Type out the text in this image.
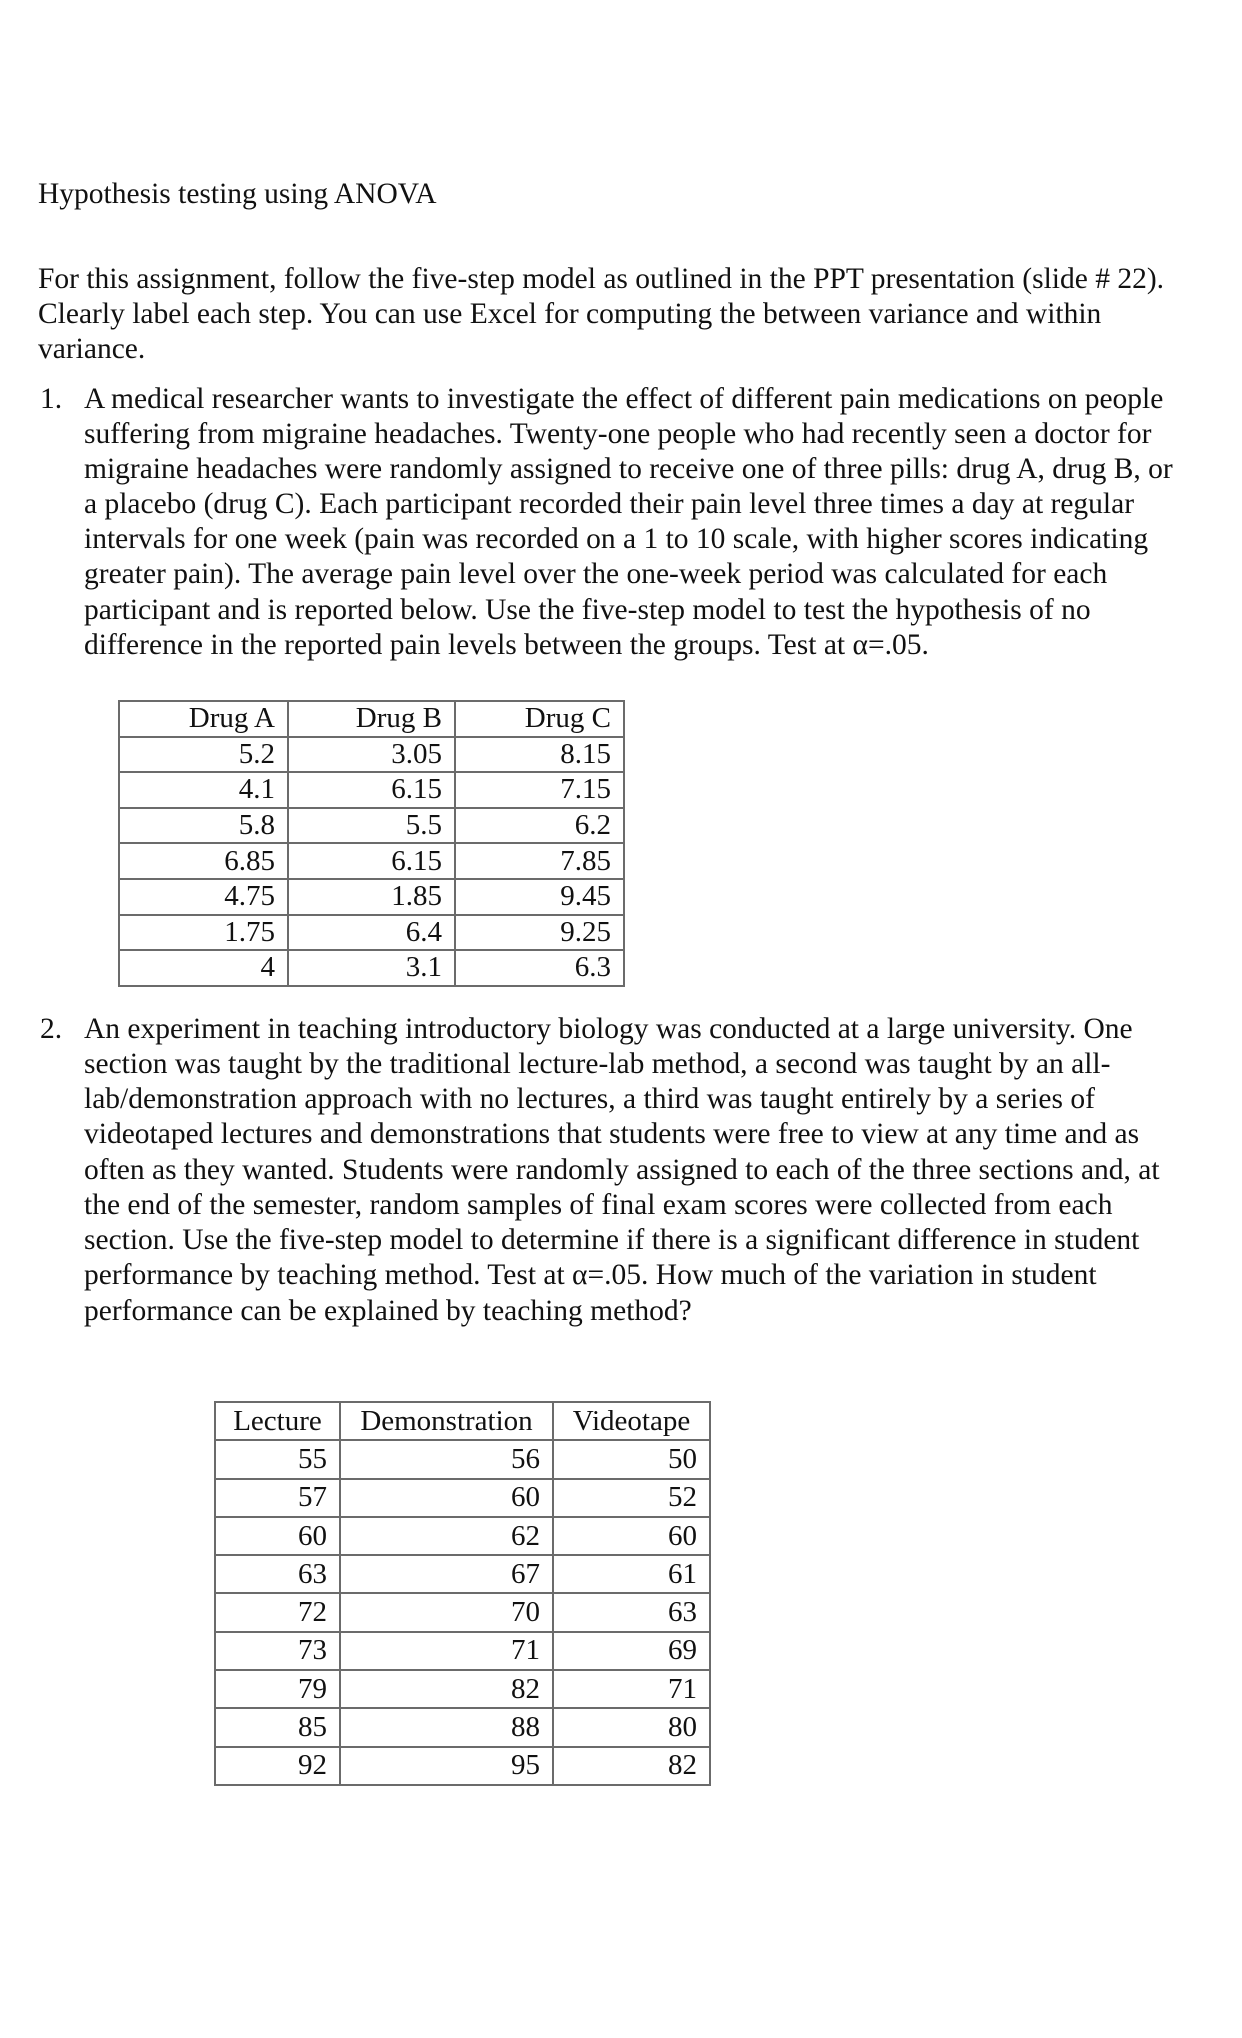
Hypothesis testing using ANOVA
For this assignment, follow the five-step model as outlined in the PPT presentation (slide # 22).
Clearly label each step. You can use Excel for computing the between variance and within
variance.
1. A medical researcher wants to investigate the effect of different pain medications on people
suffering from migraine headaches. Twenty-one people who had recently seen a doctor for
migraine headaches were randomly assigned to receive one of three pills: drug A, drug B, or
a placebo (drug C). Each participant recorded their pain level three times a day at regular
intervals for one week (pain was recorded on a 1 to 10 scale, with higher scores indicating
greater pain). The average pain level over the one-week period was calculated for each
participant and is reported below. Use the five-step model to test the hypothesis of no
difference in the reported pain levels between the groups. Test at α=.05.
Drug A	Drug B	Drug C
5.2	3.05	8.15
4.1	6.15	7.15
5.8	5.5	6.2
6.85	6.15	7.85
4.75	1.85	9.45
1.75	6.4	9.25
4	3.1	6.3
2. An experiment in teaching introductory biology was conducted at a large university. One
section was taught by the traditional lecture-lab method, a second was taught by an all-
lab/demonstration approach with no lectures, a third was taught entirely by a series of
videotaped lectures and demonstrations that students were free to view at any time and as
often as they wanted. Students were randomly assigned to each of the three sections and, at
the end of the semester, random samples of final exam scores were collected from each
section. Use the five-step model to determine if there is a significant difference in student
performance by teaching method. Test at α=.05. How much of the variation in student
performance can be explained by teaching method?
Lecture	Demonstration	Videotape
55	56	50
57	60	52
60	62	60
63	67	61
72	70	63
73	71	69
79	82	71
85	88	80
92	95	82
